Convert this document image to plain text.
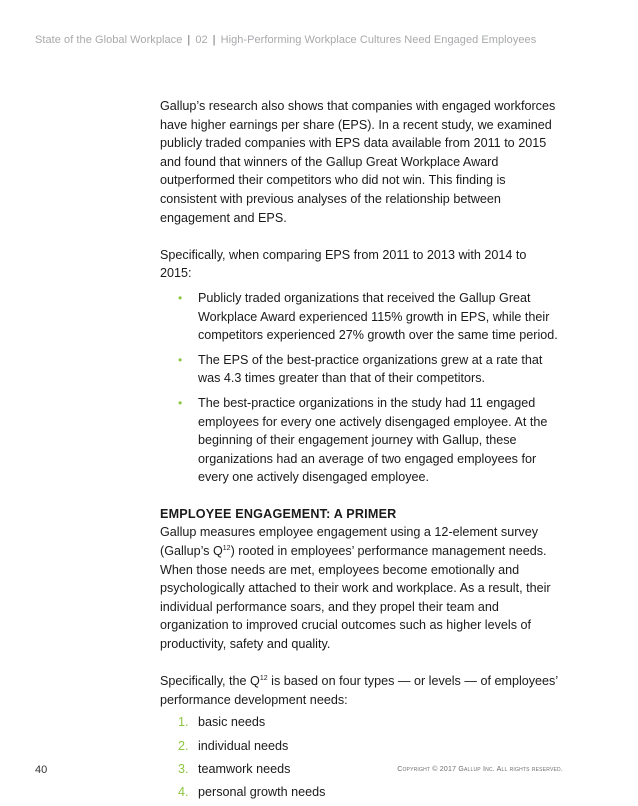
State of the Global Workplace | 02 | High-Performing Workplace Cultures Need Engaged Employees

Gallup’s research also shows that companies with engaged workforces have higher earnings per share (EPS). In a recent study, we examined publicly traded companies with EPS data available from 2011 to 2015 and found that winners of the Gallup Great Workplace Award outperformed their competitors who did not win. This finding is consistent with previous analyses of the relationship between engagement and EPS.

Specifically, when comparing EPS from 2011 to 2013 with 2014 to 2015:

• Publicly traded organizations that received the Gallup Great Workplace Award experienced 115% growth in EPS, while their competitors experienced 27% growth over the same time period.
• The EPS of the best-practice organizations grew at a rate that was 4.3 times greater than that of their competitors.
• The best-practice organizations in the study had 11 engaged employees for every one actively disengaged employee. At the beginning of their engagement journey with Gallup, these organizations had an average of two engaged employees for every one actively disengaged employee.

EMPLOYEE ENGAGEMENT: A PRIMER

Gallup measures employee engagement using a 12-element survey (Gallup’s $Q^{12}$) rooted in employees’ performance management needs. When those needs are met, employees become emotionally and psychologically attached to their work and workplace. As a result, their individual performance soars, and they propel their team and organization to improved crucial outcomes such as higher levels of productivity, safety and quality.

Specifically, the $Q^{12}$ is based on four types — or levels — of employees’ performance development needs:

1. basic needs
2. individual needs
3. teamwork needs
4. personal growth needs
40	Copyright © 2017 Gallup Inc. All rights reserved.
